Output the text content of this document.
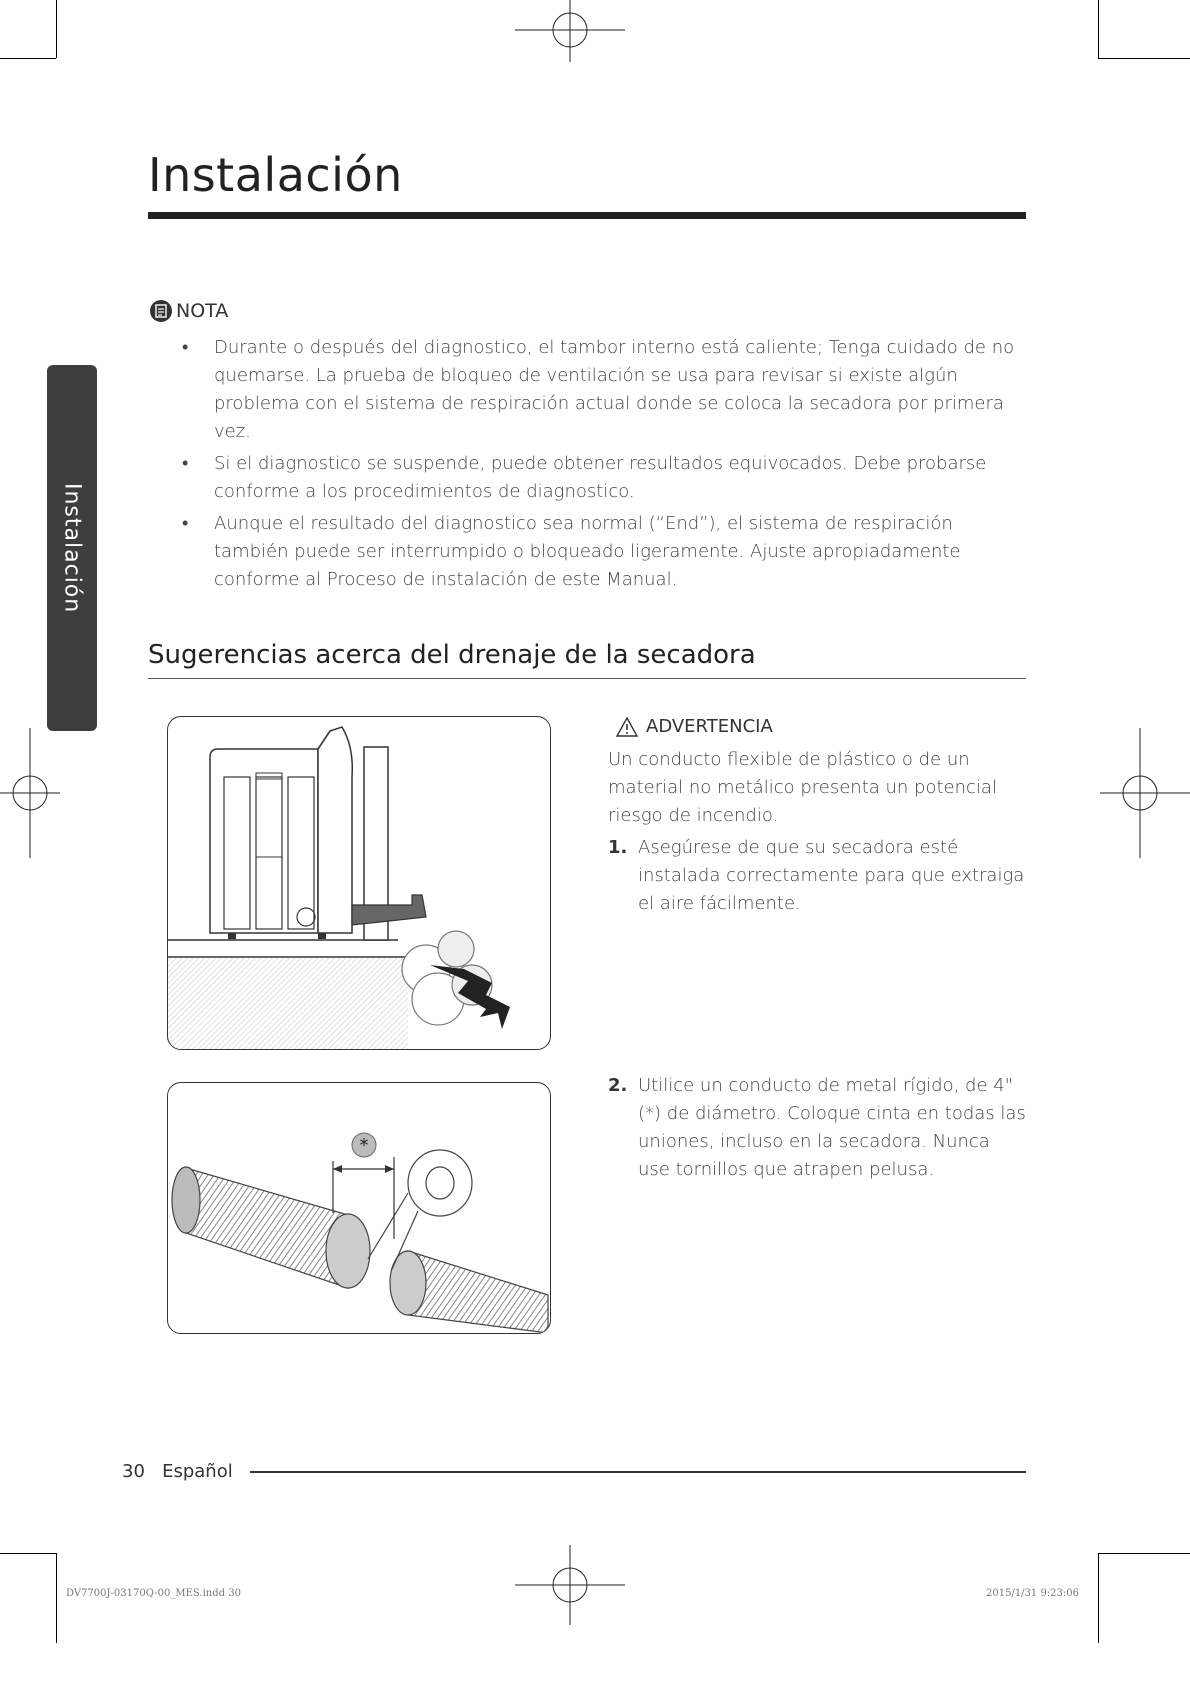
Instalación
Instalación
NOTA
• Durante o después del diagnostico, el tambor interno está caliente; Tenga cuidado de no quemarse. La prueba de bloqueo de ventilación se usa para revisar si existe algún problema con el sistema de respiración actual donde se coloca la secadora por primera vez.
• Si el diagnostico se suspende, puede obtener resultados equivocados. Debe probarse conforme a los procedimientos de diagnostico.
• Aunque el resultado del diagnostico sea normal (“End”), el sistema de respiración también puede ser interrumpido o bloqueado ligeramente. Ajuste apropiadamente conforme al Proceso de instalación de este Manual.
Sugerencias acerca del drenaje de la secadora
*
ADVERTENCIA
Un conducto flexible de plástico o de un material no metálico presenta un potencial riesgo de incendio.
1. Asegúrese de que su secadora esté instalada correctamente para que extraiga el aire fácilmente.
2. Utilice un conducto de metal rígido, de 4"(*) de diámetro. Coloque cinta en todas las uniones, incluso en la secadora. Nunca use tornillos que atrapen pelusa.
30 Español
DV7700J-03170Q-00_MES.indd 30	2015/1/31 9:23:06
